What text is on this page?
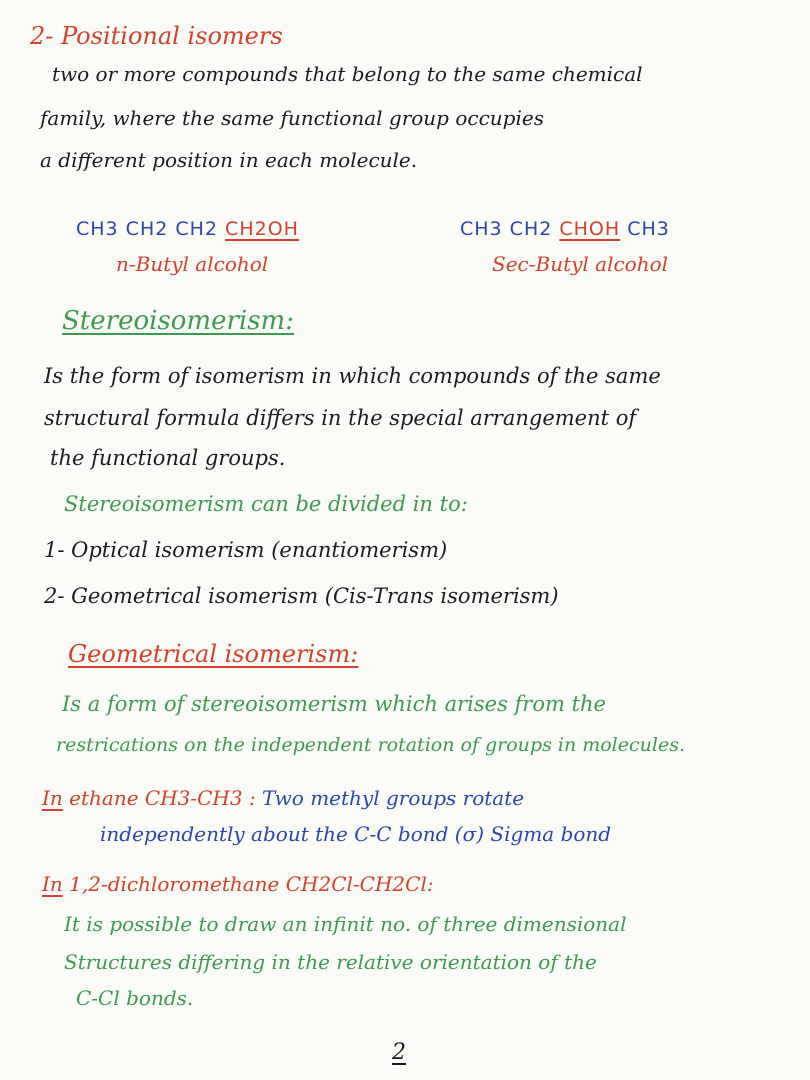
2- Positional isomers
two or more compounds that belong to the same chemical
family, where the same functional group occupies
a different position in each molecule.
CH3 CH2 CH2 CH2OH
n-Butyl alcohol
CH3 CH2 CHOH CH3
Sec-Butyl alcohol
Stereoisomerism:
Is the form of isomerism in which compounds of the same
structural formula differs in the special arrangement of
the functional groups.
Stereoisomerism can be divided in to:
1- Optical isomerism (enantiomerism)
2- Geometrical isomerism (Cis-Trans isomerism)
Geometrical isomerism:
Is a form of stereoisomerism which arises from the
restrications on the independent rotation of groups in molecules.
In ethane CH3-CH3 : Two methyl groups rotate
independently about the C-C bond (σ) Sigma bond
In 1,2-dichloromethane CH2Cl-CH2Cl:
It is possible to draw an infinit no. of three dimensional
Structures differing in the relative orientation of the
C-Cl bonds.
2
